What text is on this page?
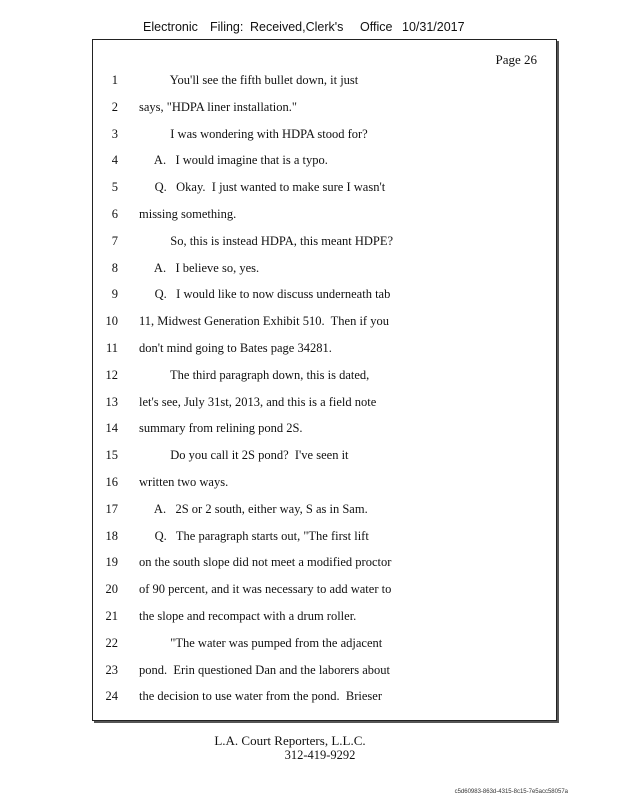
Electronic Filing: Received,Clerk's Office 10/31/2017
Page 26
1 You'll see the fifth bullet down, it just
2 says, "HDPA liner installation."
3 I was wondering with HDPA stood for?
4 A.   I would imagine that is a typo.
5 Q.   Okay.  I just wanted to make sure I wasn't
6 missing something.
7 So, this is instead HDPA, this meant HDPE?
8 A.   I believe so, yes.
9 Q.   I would like to now discuss underneath tab
10 11, Midwest Generation Exhibit 510.  Then if you
11 don't mind going to Bates page 34281.
12 The third paragraph down, this is dated,
13 let's see, July 31st, 2013, and this is a field note
14 summary from relining pond 2S.
15 Do you call it 2S pond?  I've seen it
16 written two ways.
17 A.   2S or 2 south, either way, S as in Sam.
18 Q.   The paragraph starts out, "The first lift
19 on the south slope did not meet a modified proctor
20 of 90 percent, and it was necessary to add water to
21 the slope and recompact with a drum roller.
22 "The water was pumped from the adjacent
23 pond.  Erin questioned Dan and the laborers about
24 the decision to use water from the pond.  Brieser
L.A. Court Reporters, L.L.C.
312-419-9292
c5d60983-863d-4315-8c15-7e5acc58057a
